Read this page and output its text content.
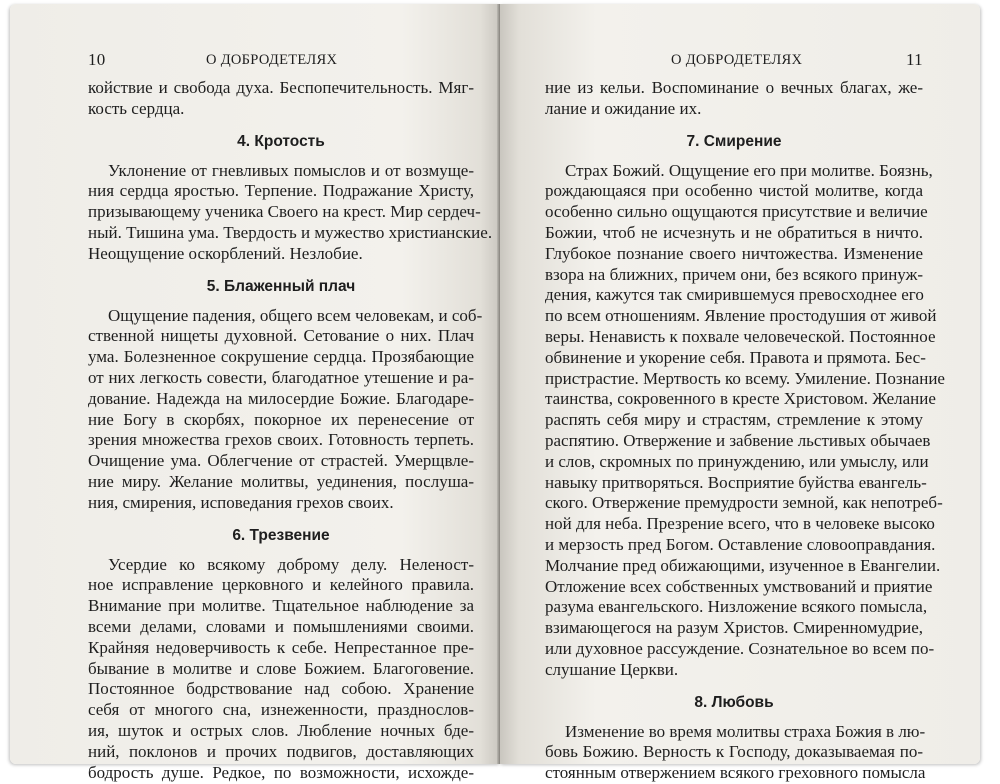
10	О ДОБРОДЕТЕЛЯХ
койствие и свобода духа. Беспопечительность. Мяг-
кость сердца.
4. Кротость
Уклонение от гневливых помыслов и от возмуще-
ния сердца яростью. Терпение. Подражание Христу,
призывающему ученика Своего на крест. Мир сердеч-
ный. Тишина ума. Твердость и мужество христианские.
Неощущение оскорблений. Незлобие.
5. Блаженный плач
Ощущение падения, общего всем человекам, и соб-
ственной нищеты духовной. Сетование о них. Плач
ума. Болезненное сокрушение сердца. Прозябающие
от них легкость совести, благодатное утешение и ра-
дование. Надежда на милосердие Божие. Благодаре-
ние Богу в скорбях, покорное их перенесение от
зрения множества грехов своих. Готовность терпеть.
Очищение ума. Облегчение от страстей. Умерщвле-
ние миру. Желание молитвы, уединения, послуша-
ния, смирения, исповедания грехов своих.
6. Трезвение
Усердие ко всякому доброму делу. Неленост-
ное исправление церковного и келейного правила.
Внимание при молитве. Тщательное наблюдение за
всеми делами, словами и помышлениями своими.
Крайняя недоверчивость к себе. Непрестанное пре-
бывание в молитве и слове Божием. Благоговение.
Постоянное бодрствование над собою. Хранение
себя от многого сна, изнеженности, празднослов-
ия, шуток и острых слов. Люблениe ночных бде-
ний, поклонов и прочих подвигов, доставляющих
бодрость душе. Редкое, по возможности, исхожде-
О ДОБРОДЕТЕЛЯХ	11
ние из кельи. Воспоминание о вечных благах, же-
лание и ожидание их.
7. Смирение
Страх Божий. Ощущение его при молитве. Боязнь,
рождающаяся при особенно чистой молитве, когда
особенно сильно ощущаются присутствие и величие
Божии, чтоб не исчезнуть и не обратиться в ничто.
Глубокое познание своего ничтожества. Изменение
взора на ближних, причем они, без всякого принуж-
дения, кажутся так смирившемуся превосходнее его
по всем отношениям. Явление простодушия от живой
веры. Ненависть к похвале человеческой. Постоянное
обвинение и укорение себя. Правота и прямота. Бес-
пристрастие. Мертвость ко всему. Умиление. Познание
таинства, сокровенного в кресте Христовом. Желание
распять себя миру и страстям, стремление к этому
распятию. Отвержение и забвение льстивых обычаев
и слов, скромных по принуждению, или умыслу, или
навыку притворяться. Восприятие буйства евангель-
ского. Отвержение премудрости земной, как непотреб-
ной для неба. Презрение всего, что в человеке высоко
и мерзость пред Богом. Оставление словооправдания.
Молчание пред обижающими, изученное в Евангелии.
Отложение всех собственных умствований и приятие
разума евангельского. Низложение всякого помысла,
взимающегося на разум Христов. Смиренномудрие,
или духовное рассуждение. Сознательное во всем по-
слушание Церкви.
8. Любовь
Изменение во время молитвы страха Божия в лю-
бовь Божию. Верность к Господу, доказываемая по-
стоянным отвержением всякого греховного помысла
